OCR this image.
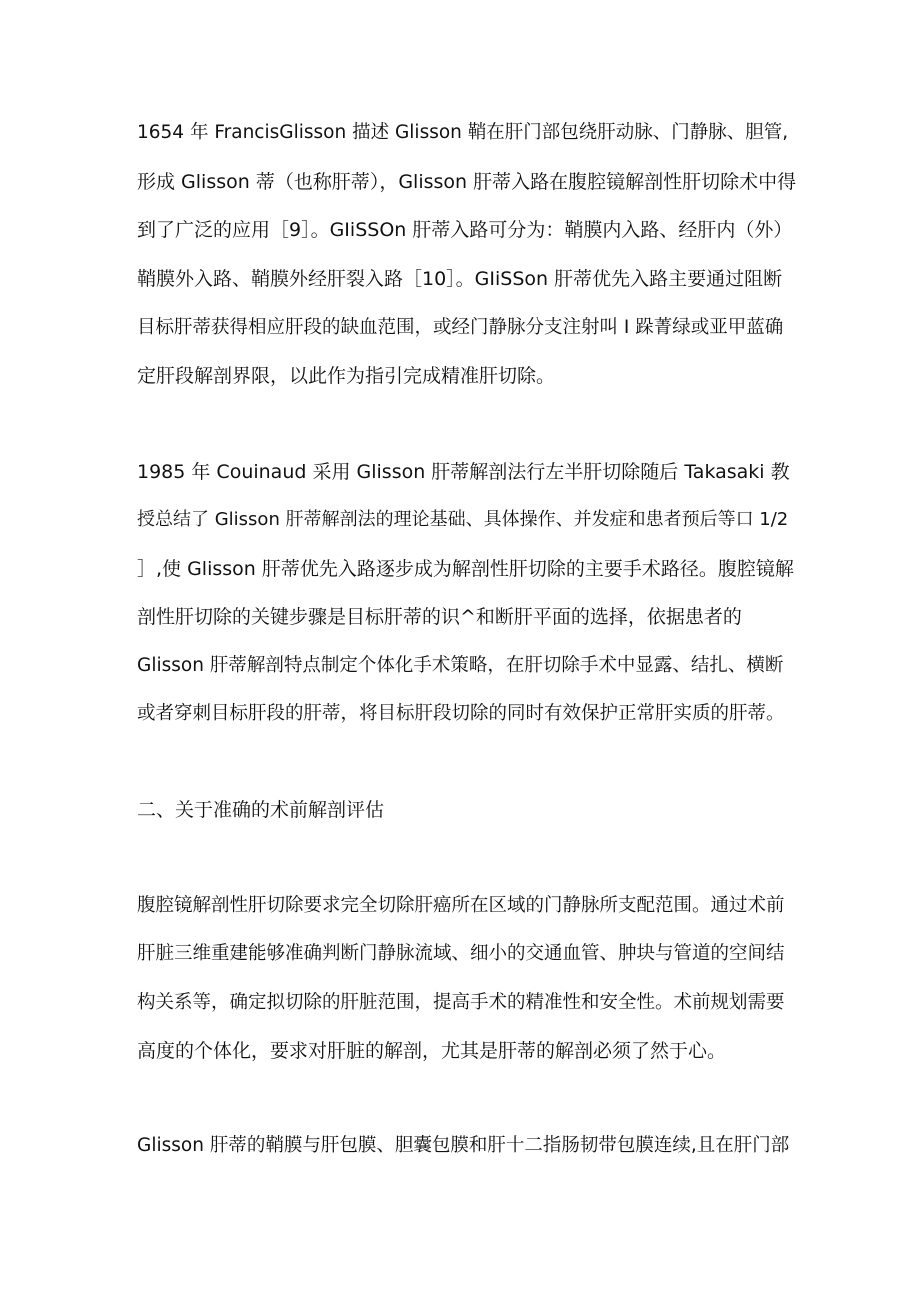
1654 年 FrancisGlisson 描述 Glisson 鞘在肝门部包绕肝动脉、门静脉、胆管,
形成 Glisson 蒂（也称肝蒂），Glisson 肝蒂入路在腹腔镜解剖性肝切除术中得
到了广泛的应用［9］。GIiSSOn 肝蒂入路可分为：鞘膜内入路、经肝内（外）
鞘膜外入路、鞘膜外经肝裂入路［10］。GIiSSon 肝蒂优先入路主要通过阻断
目标肝蒂获得相应肝段的缺血范围，或经门静脉分支注射叫 I 跺菁绿或亚甲蓝确
定肝段解剖界限，以此作为指引完成精准肝切除。
1985 年 Couinaud 采用 Glisson 肝蒂解剖法行左半肝切除随后 Takasaki 教
授总结了 Glisson 肝蒂解剖法的理论基础、具体操作、并发症和患者预后等口 1/2
］,使 Glisson 肝蒂优先入路逐步成为解剖性肝切除的主要手术路径。腹腔镜解
剖性肝切除的关键步骤是目标肝蒂的识^和断肝平面的选择，依据患者的
Glisson 肝蒂解剖特点制定个体化手术策略，在肝切除手术中显露、结扎、横断
或者穿刺目标肝段的肝蒂，将目标肝段切除的同时有效保护正常肝实质的肝蒂。
二、关于准确的术前解剖评估
腹腔镜解剖性肝切除要求完全切除肝癌所在区域的门静脉所支配范围。通过术前
肝脏三维重建能够准确判断门静脉流域、细小的交通血管、肿块与管道的空间结
构关系等，确定拟切除的肝脏范围，提高手术的精准性和安全性。术前规划需要
高度的个体化，要求对肝脏的解剖，尤其是肝蒂的解剖必须了然于心。
Glisson 肝蒂的鞘膜与肝包膜、胆囊包膜和肝十二指肠韧带包膜连续,且在肝门部
